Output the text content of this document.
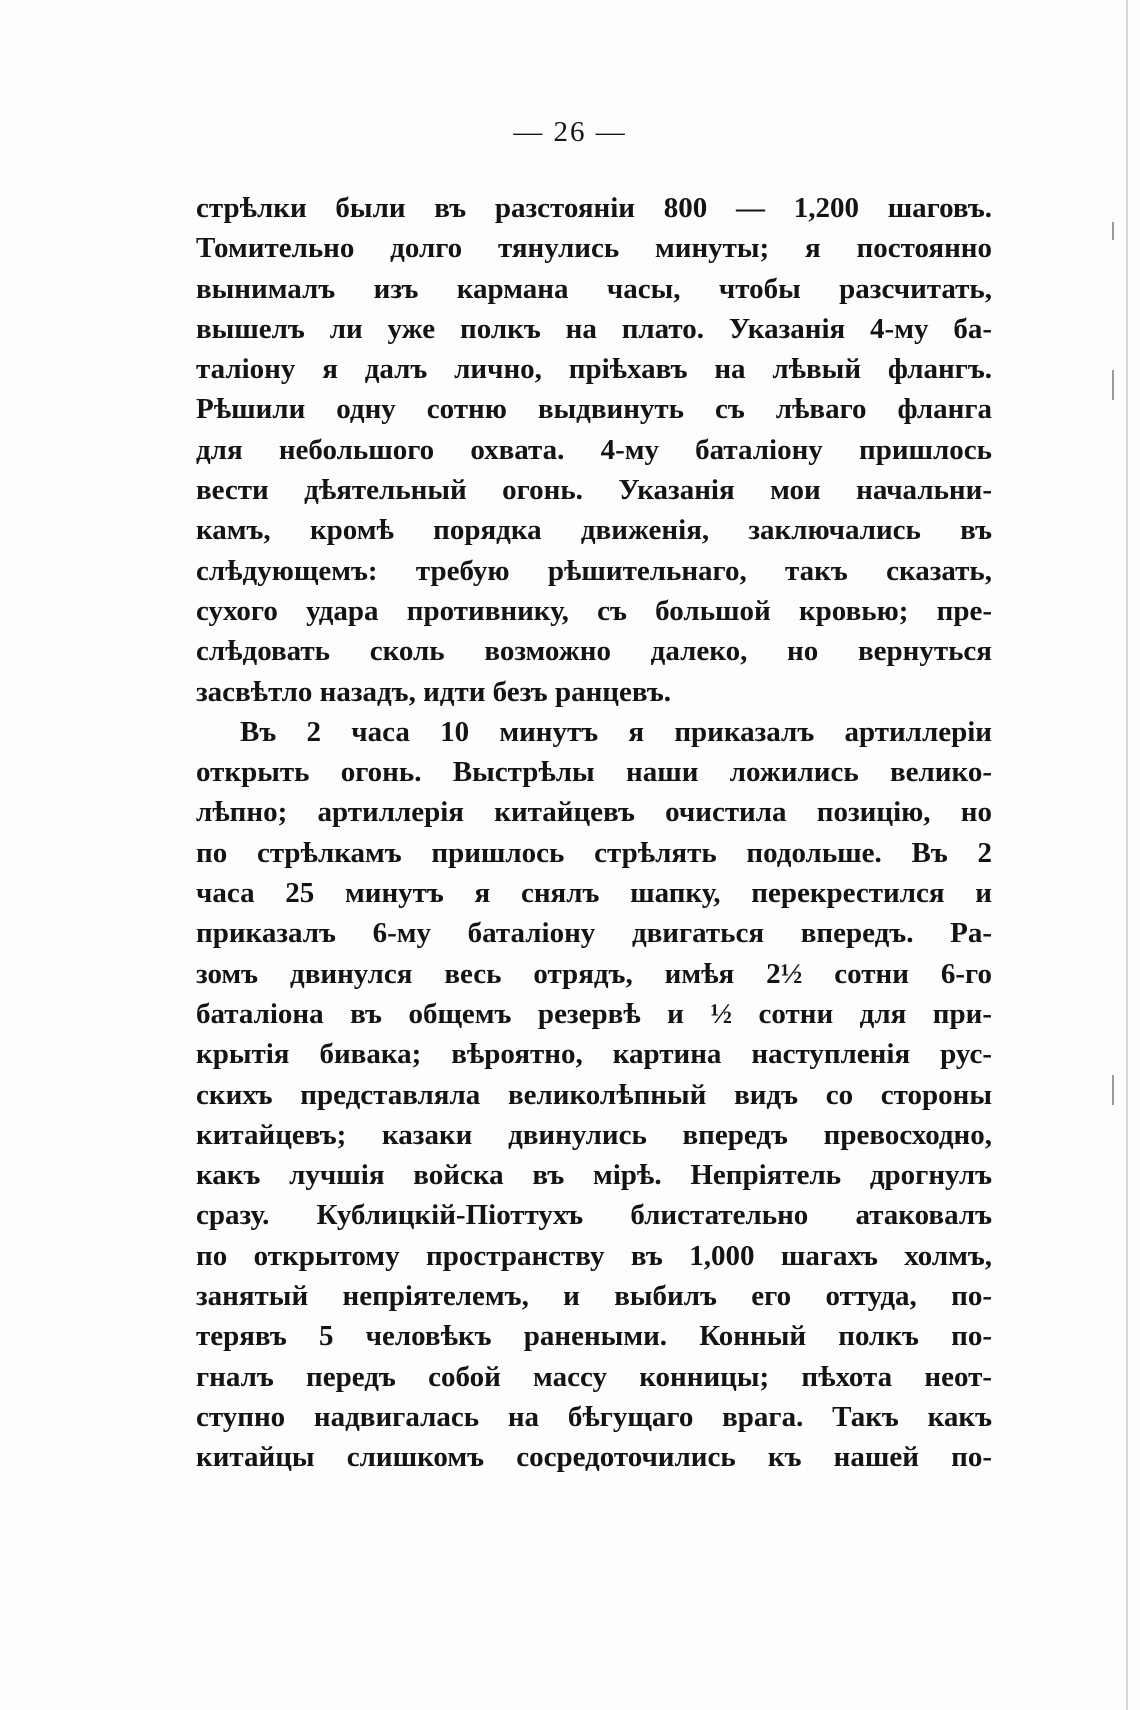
— 26 —
стрѣлки были въ разстояніи 800 — 1,200 шаговъ.
Томительно долго тянулись минуты; я постоянно
вынималъ изъ кармана часы, чтобы разсчитать,
вышелъ ли уже полкъ на плато. Указанія 4-му ба-
таліону я далъ лично, пріѣхавъ на лѣвый флангъ.
Рѣшили одну сотню выдвинуть съ лѣваго фланга
для небольшого охвата. 4-му баталіону пришлось
вести дѣятельный огонь. Указанія мои начальни-
камъ, кромѣ порядка движенія, заключались въ
слѣдующемъ: требую рѣшительнаго, такъ сказать,
сухого удара противнику, съ большой кровью; пре-
слѣдовать сколь возможно далеко, но вернуться
засвѣтло назадъ, идти безъ ранцевъ.
Въ 2 часа 10 минутъ я приказалъ артиллеріи
открыть огонь. Выстрѣлы наши ложились велико-
лѣпно; артиллерія китайцевъ очистила позицію, но
по стрѣлкамъ пришлось стрѣлять подольше. Въ 2
часа 25 минутъ я снялъ шапку, перекрестился и
приказалъ 6-му баталіону двигаться впередъ. Ра-
зомъ двинулся весь отрядъ, имѣя 2½ сотни 6-го
баталіона въ общемъ резервѣ и ½ сотни для при-
крытія бивака; вѣроятно, картина наступленія рус-
скихъ представляла великолѣпный видъ со стороны
китайцевъ; казаки двинулись впередъ превосходно,
какъ лучшія войска въ мірѣ. Непріятель дрогнулъ
сразу. Кублицкій-Піоттухъ блистательно атаковалъ
по открытому пространству въ 1,000 шагахъ холмъ,
занятый непріятелемъ, и выбилъ его оттуда, по-
терявъ 5 человѣкъ ранеными. Конный полкъ по-
гналъ передъ собой массу конницы; пѣхота неот-
ступно надвигалась на бѣгущаго врага. Такъ какъ
китайцы слишкомъ сосредоточились къ нашей по-
